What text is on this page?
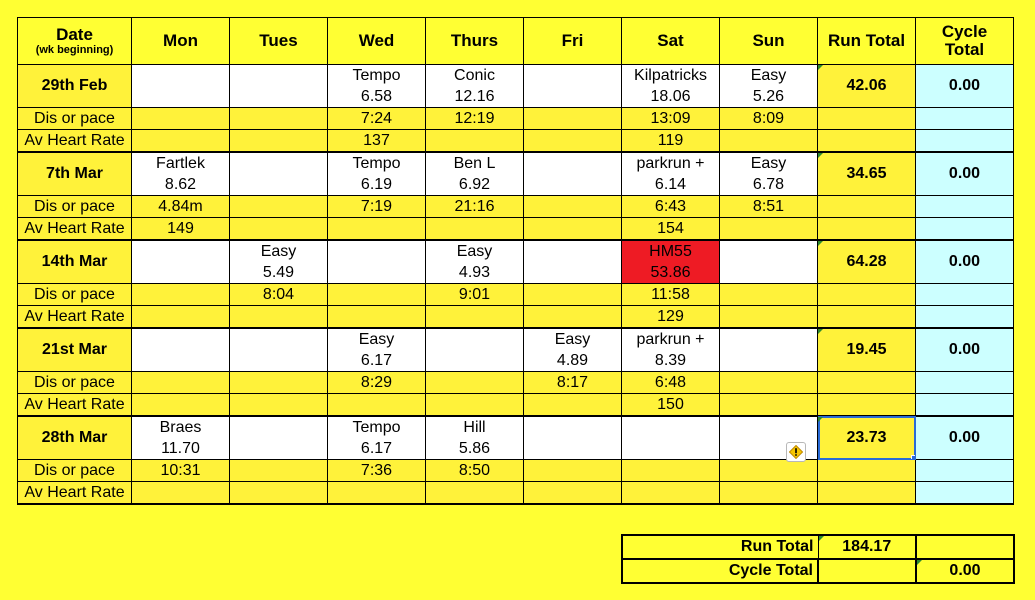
Date
(wk beginning)	Mon	Tues	Wed	Thurs	Fri	Sat	Sun	Run Total	Cycle
Total
29th Feb			Tempo	Conic		Kilpatricks	Easy	42.06	0.00
			6.58	12.16		18.06	5.26		
Dis or pace			7:24	12:19		13:09	8:09		
Av Heart Rate			137			119			
7th Mar	Fartlek		Tempo	Ben L		parkrun +	Easy	34.65	0.00
	8.62		6.19	6.92		6.14	6.78		
Dis or pace	4.84m		7:19	21:16		6:43	8:51		
Av Heart Rate	149					154			
14th Mar		Easy		Easy		HM55		64.28	0.00
		5.49		4.93		53.86			
Dis or pace		8:04		9:01		11:58			
Av Heart Rate						129			
21st Mar			Easy		Easy	parkrun +		19.45	0.00
			6.17		4.89	8.39			
Dis or pace			8:29		8:17	6:48			
Av Heart Rate						150			
28th Mar	Braes		Tempo	Hill				23.73	0.00
	11.70		6.17	5.86					
Dis or pace	10:31		7:36	8:50					
Av Heart Rate									
Run Total	184.17	
Cycle Total		0.00
